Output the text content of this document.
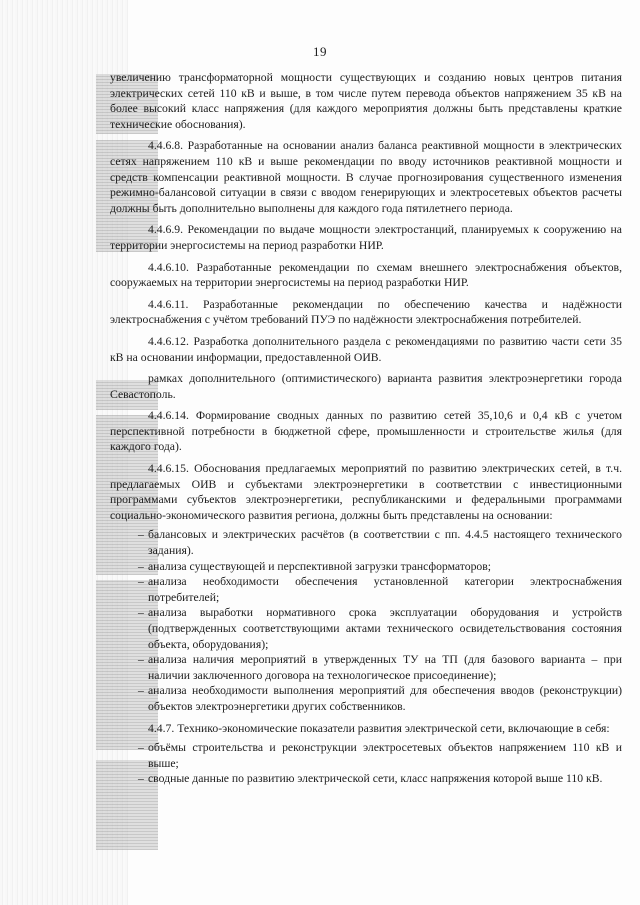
19

увеличению трансформаторной мощности существующих и созданию новых центров питания электрических сетей 110 кВ и выше, в том числе путем перевода объектов напряжением 35 кВ на более высокий класс напряжения (для каждого мероприятия должны быть представлены краткие технические обоснования).

4.4.6.8. Разработанные на основании анализ баланса реактивной мощности в электрических сетях напряжением 110 кВ и выше рекомендации по вводу источников реактивной мощности и средств компенсации реактивной мощности. В случае прогнозирования существенного изменения режимно-балансовой ситуации в связи с вводом генерирующих и электросетевых объектов расчеты должны быть дополнительно выполнены для каждого года пятилетнего периода.

4.4.6.9. Рекомендации по выдаче мощности электростанций, планируемых к сооружению на территории энергосистемы на период разработки НИР.

4.4.6.10. Разработанные рекомендации по схемам внешнего электроснабжения объектов, сооружаемых на территории энергосистемы на период разработки НИР.

4.4.6.11. Разработанные рекомендации по обеспечению качества и надёжности электроснабжения с учётом требований ПУЭ по надёжности электроснабжения потребителей.

4.4.6.12. Разработка дополнительного раздела с рекомендациями по развитию части сети 35 кВ на основании информации, предоставленной ОИВ.

рамках дополнительного (оптимистического) варианта развития электроэнергетики города Севастополь.

4.4.6.14. Формирование сводных данных по развитию сетей 35,10,6 и 0,4 кВ с учетом перспективной потребности в бюджетной сфере, промышленности и строительстве жилья (для каждого года).

4.4.6.15. Обоснования предлагаемых мероприятий по развитию электрических сетей, в т.ч. предлагаемых ОИВ и субъектами электроэнергетики в соответствии с инвестиционными программами субъектов электроэнергетики, республиканскими и федеральными программами социально-экономического развития региона, должны быть представлены на основании:

– балансовых и электрических расчётов (в соответствии с пп. 4.4.5 настоящего технического задания).

– анализа существующей и перспективной загрузки трансформаторов;

– анализа необходимости обеспечения установленной категории электроснабжения потребителей;

– анализа выработки нормативного срока эксплуатации оборудования и устройств (подтвержденных соответствующими актами технического освидетельствования состояния объекта, оборудования);

– анализа наличия мероприятий в утвержденных ТУ на ТП (для базового варианта – при наличии заключенного договора на технологическое присоединение);

– анализа необходимости выполнения мероприятий для обеспечения вводов (реконструкции) объектов электроэнергетики других собственников.

4.4.7. Технико-экономические показатели развития электрической сети, включающие в себя:

– объёмы строительства и реконструкции электросетевых объектов напряжением 110 кВ и выше;

– сводные данные по развитию электрической сети, класс напряжения которой выше 110 кВ.
